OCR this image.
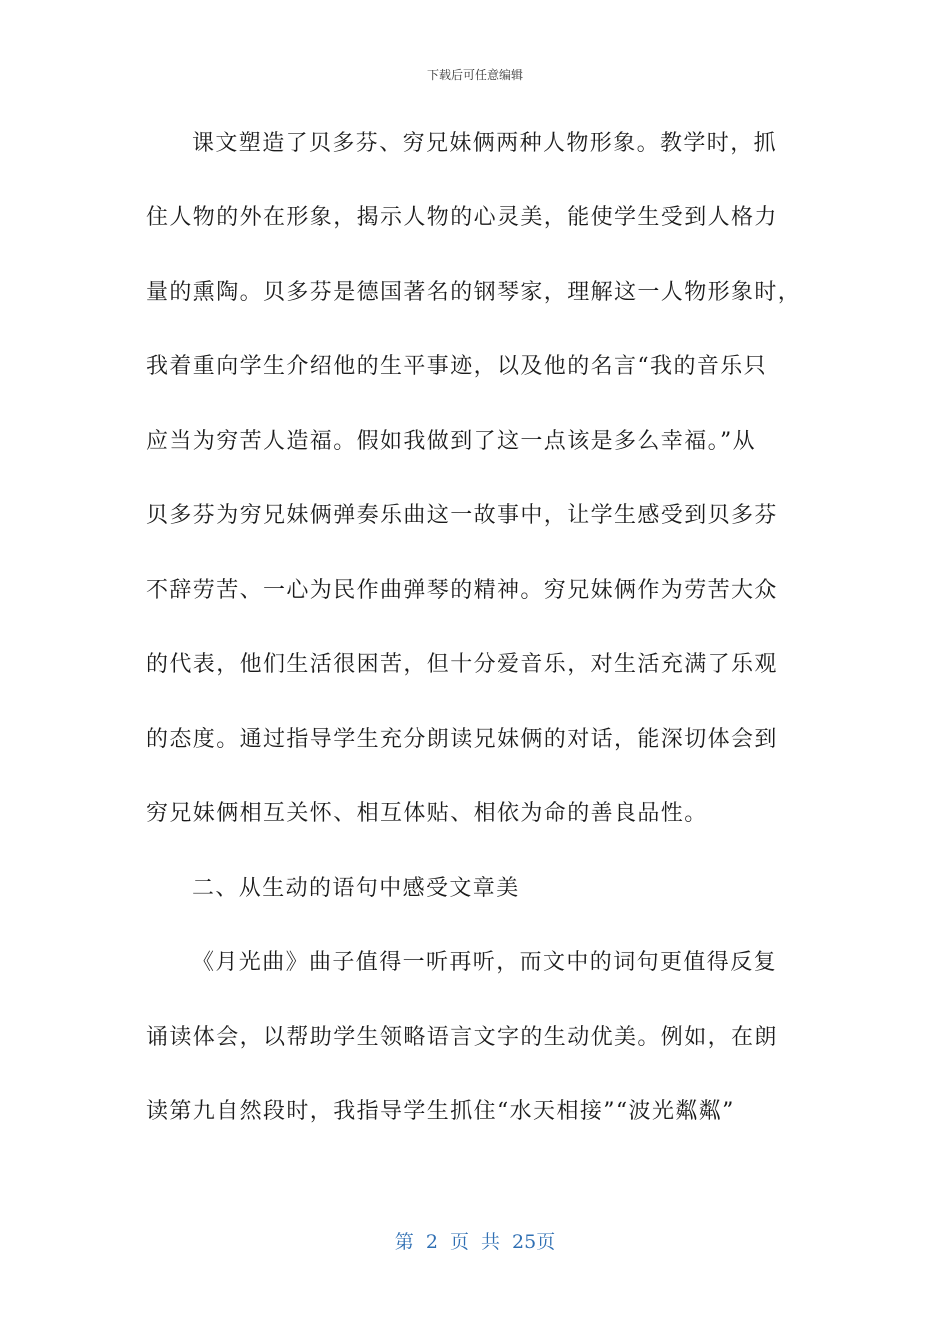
下载后可任意编辑
课文塑造了贝多芬、穷兄妹俩两种人物形象。教学时，抓
住人物的外在形象，揭示人物的心灵美，能使学生受到人格力
量的熏陶。贝多芬是德国著名的钢琴家，理解这一人物形象时，
我着重向学生介绍他的生平事迹，以及他的名言“我的音乐只
应当为穷苦人造福。假如我做到了这一点该是多么幸福。”从
贝多芬为穷兄妹俩弹奏乐曲这一故事中，让学生感受到贝多芬
不辞劳苦、一心为民作曲弹琴的精神。穷兄妹俩作为劳苦大众
的代表，他们生活很困苦，但十分爱音乐，对生活充满了乐观
的态度。通过指导学生充分朗读兄妹俩的对话，能深切体会到
穷兄妹俩相互关怀、相互体贴、相依为命的善良品性。
二、从生动的语句中感受文章美
《月光曲》曲子值得一听再听，而文中的词句更值得反复
诵读体会，以帮助学生领略语言文字的生动优美。例如，在朗
读第九自然段时，我指导学生抓住“水天相接”“波光粼粼”
第 2 页 共 25页
